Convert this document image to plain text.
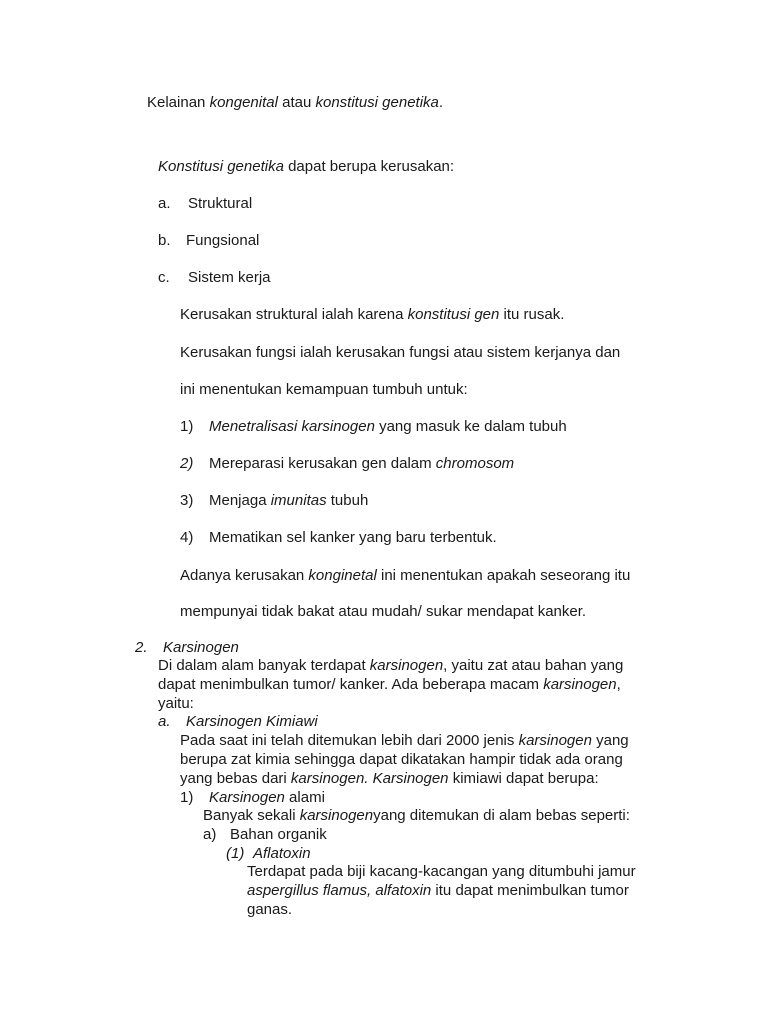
Kelainan kongenital atau konstitusi genetika.
Konstitusi genetika dapat berupa kerusakan:
a. Struktural
b. Fungsional
c. Sistem kerja
Kerusakan struktural ialah karena konstitusi gen itu rusak.
Kerusakan fungsi ialah kerusakan fungsi atau sistem kerjanya dan
ini menentukan kemampuan tumbuh untuk:
1) Menetralisasi karsinogen yang masuk ke dalam tubuh
2) Mereparasi kerusakan gen dalam chromosom
3) Menjaga imunitas tubuh
4) Mematikan sel kanker yang baru terbentuk.
Adanya kerusakan konginetal ini menentukan apakah seseorang itu
mempunyai tidak bakat atau mudah/ sukar mendapat kanker.
2. Karsinogen
Di dalam alam banyak terdapat karsinogen, yaitu zat atau bahan yang
dapat menimbulkan tumor/ kanker. Ada beberapa macam karsinogen,
yaitu:
a. Karsinogen Kimiawi
Pada saat ini telah ditemukan lebih dari 2000 jenis karsinogen yang
berupa zat kimia sehingga dapat dikatakan hampir tidak ada orang
yang bebas dari karsinogen. Karsinogen kimiawi dapat berupa:
1) Karsinogen alami
Banyak sekali karsinogenyang ditemukan di alam bebas seperti:
a) Bahan organik
(1) Aflatoxin
Terdapat pada biji kacang-kacangan yang ditumbuhi jamur
aspergillus flamus, alfatoxin itu dapat menimbulkan tumor
ganas.
